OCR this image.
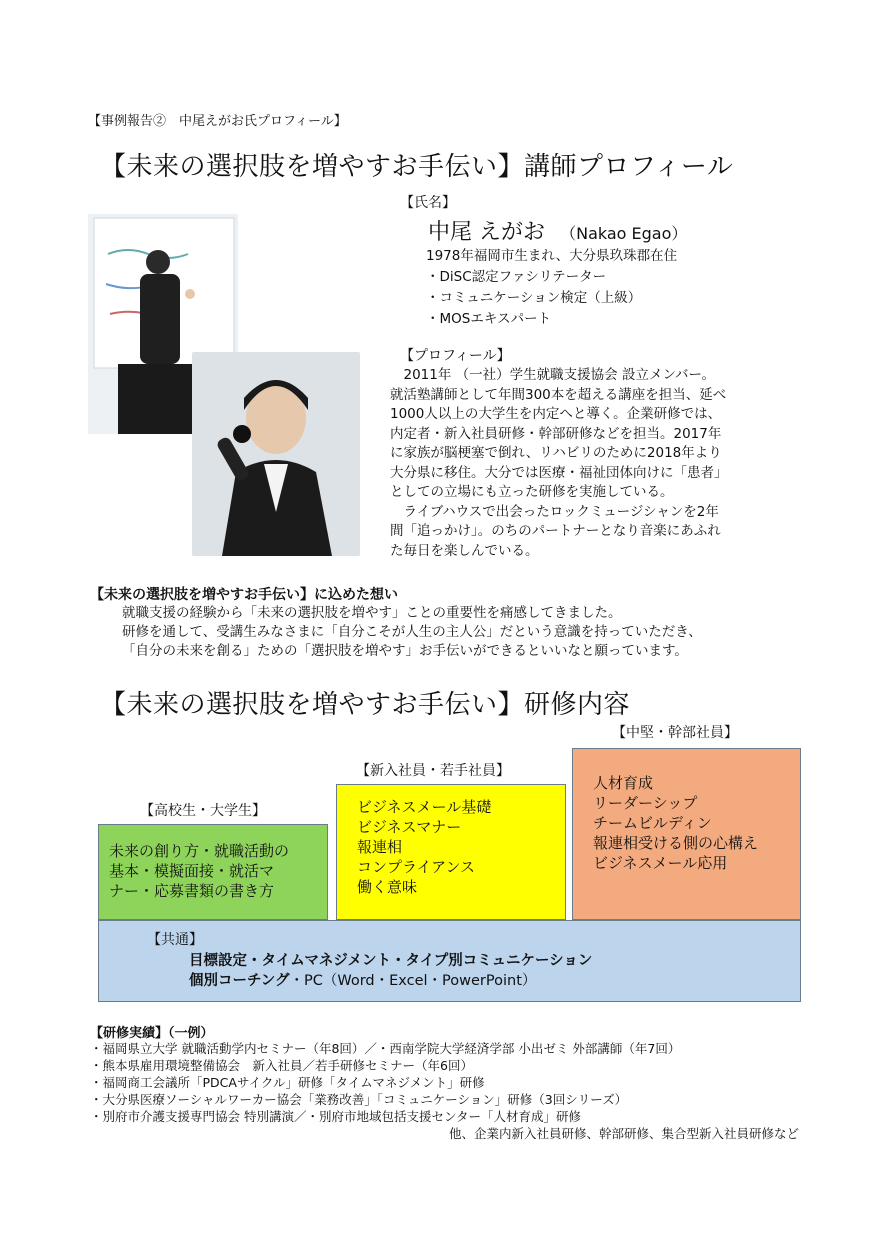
【事例報告②　中尾えがお氏プロフィール】
【未来の選択肢を増やすお手伝い】講師プロフィール
【氏名】
中尾 えがお （Nakao Egao）
1978年福岡市生まれ、大分県玖珠郡在住
・DiSC認定ファシリテーター
・コミュニケーション検定（上級）
・MOSエキスパート
【プロフィール】
　2011年 （一社）学生就職支援協会 設立メンバー。
就活塾講師として年間300本を超える講座を担当、延べ
1000人以上の大学生を内定へと導く。企業研修では、
内定者・新入社員研修・幹部研修などを担当。2017年
に家族が脳梗塞で倒れ、リハビリのために2018年より
大分県に移住。大分では医療・福祉団体向けに「患者」
としての立場にも立った研修を実施している。
　ライブハウスで出会ったロックミュージシャンを2年
間「追っかけ」。のちのパートナーとなり音楽にあふれ
た毎日を楽しんでいる。
【未来の選択肢を増やすお手伝い】に込めた想い
就職支援の経験から「未来の選択肢を増やす」ことの重要性を痛感してきました。
研修を通して、受講生みなさまに「自分こそが人生の主人公」だという意識を持っていただき、
「自分の未来を創る」ための「選択肢を増やす」お手伝いができるといいなと願っています。
【未来の選択肢を増やすお手伝い】研修内容
【中堅・幹部社員】
【新入社員・若手社員】
【高校生・大学生】
人材育成
リーダーシップ
チームビルディン
報連相受ける側の心構え
ビジネスメール応用
ビジネスメール基礎
ビジネスマナー
報連相
コンプライアンス
働く意味
未来の創り方・就職活動の
基本・模擬面接・就活マ
ナー・応募書類の書き方
【共通】
目標設定・タイムマネジメント・タイプ別コミュニケーション
個別コーチング・PC（Word・Excel・PowerPoint）
【研修実績】（一例）
・福岡県立大学 就職活動学内セミナー（年8回）／・西南学院大学経済学部 小出ゼミ 外部講師（年7回）
・熊本県雇用環境整備協会　新入社員／若手研修セミナー（年6回）
・福岡商工会議所「PDCAサイクル」研修「タイムマネジメント」研修
・大分県医療ソーシャルワーカー協会「業務改善」「コミュニケーション」研修（3回シリーズ）
・別府市介護支援専門協会 特別講演／・別府市地域包括支援センター「人材育成」研修
他、企業内新入社員研修、幹部研修、集合型新入社員研修など
